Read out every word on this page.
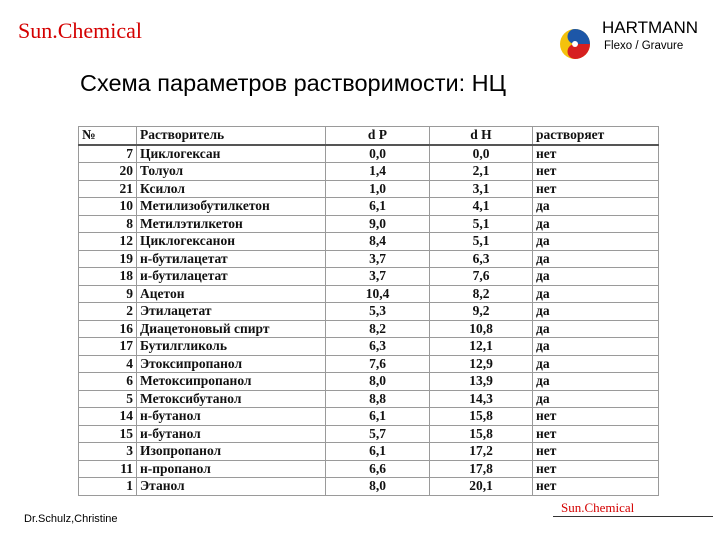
Sun.Chemical	HARTMANN
Flexo / Gravure
Схема параметров растворимости: НЦ
№	Растворитель	d P	d H	растворяет
7	Циклогексан	0,0	0,0	нет
20	Толуол	1,4	2,1	нет
21	Ксилол	1,0	3,1	нет
10	Метилизобутилкетон	6,1	4,1	да
8	Метилэтилкетон	9,0	5,1	да
12	Циклогексанон	8,4	5,1	да
19	н-бутилацетат	3,7	6,3	да
18	и-бутилацетат	3,7	7,6	да
9	Ацетон	10,4	8,2	да
2	Этилацетат	5,3	9,2	да
16	Диацетоновый спирт	8,2	10,8	да
17	Бутилгликоль	6,3	12,1	да
4	Этоксипропанол	7,6	12,9	да
6	Метоксипропанол	8,0	13,9	да
5	Метоксибутанол	8,8	14,3	да
14	н-бутанол	6,1	15,8	нет
15	и-бутанол	5,7	15,8	нет
3	Изопропанол	6,1	17,2	нет
11	н-пропанол	6,6	17,8	нет
1	Этанол	8,0	20,1	нет
Dr.Schulz,Christine
Sun.Chemical
